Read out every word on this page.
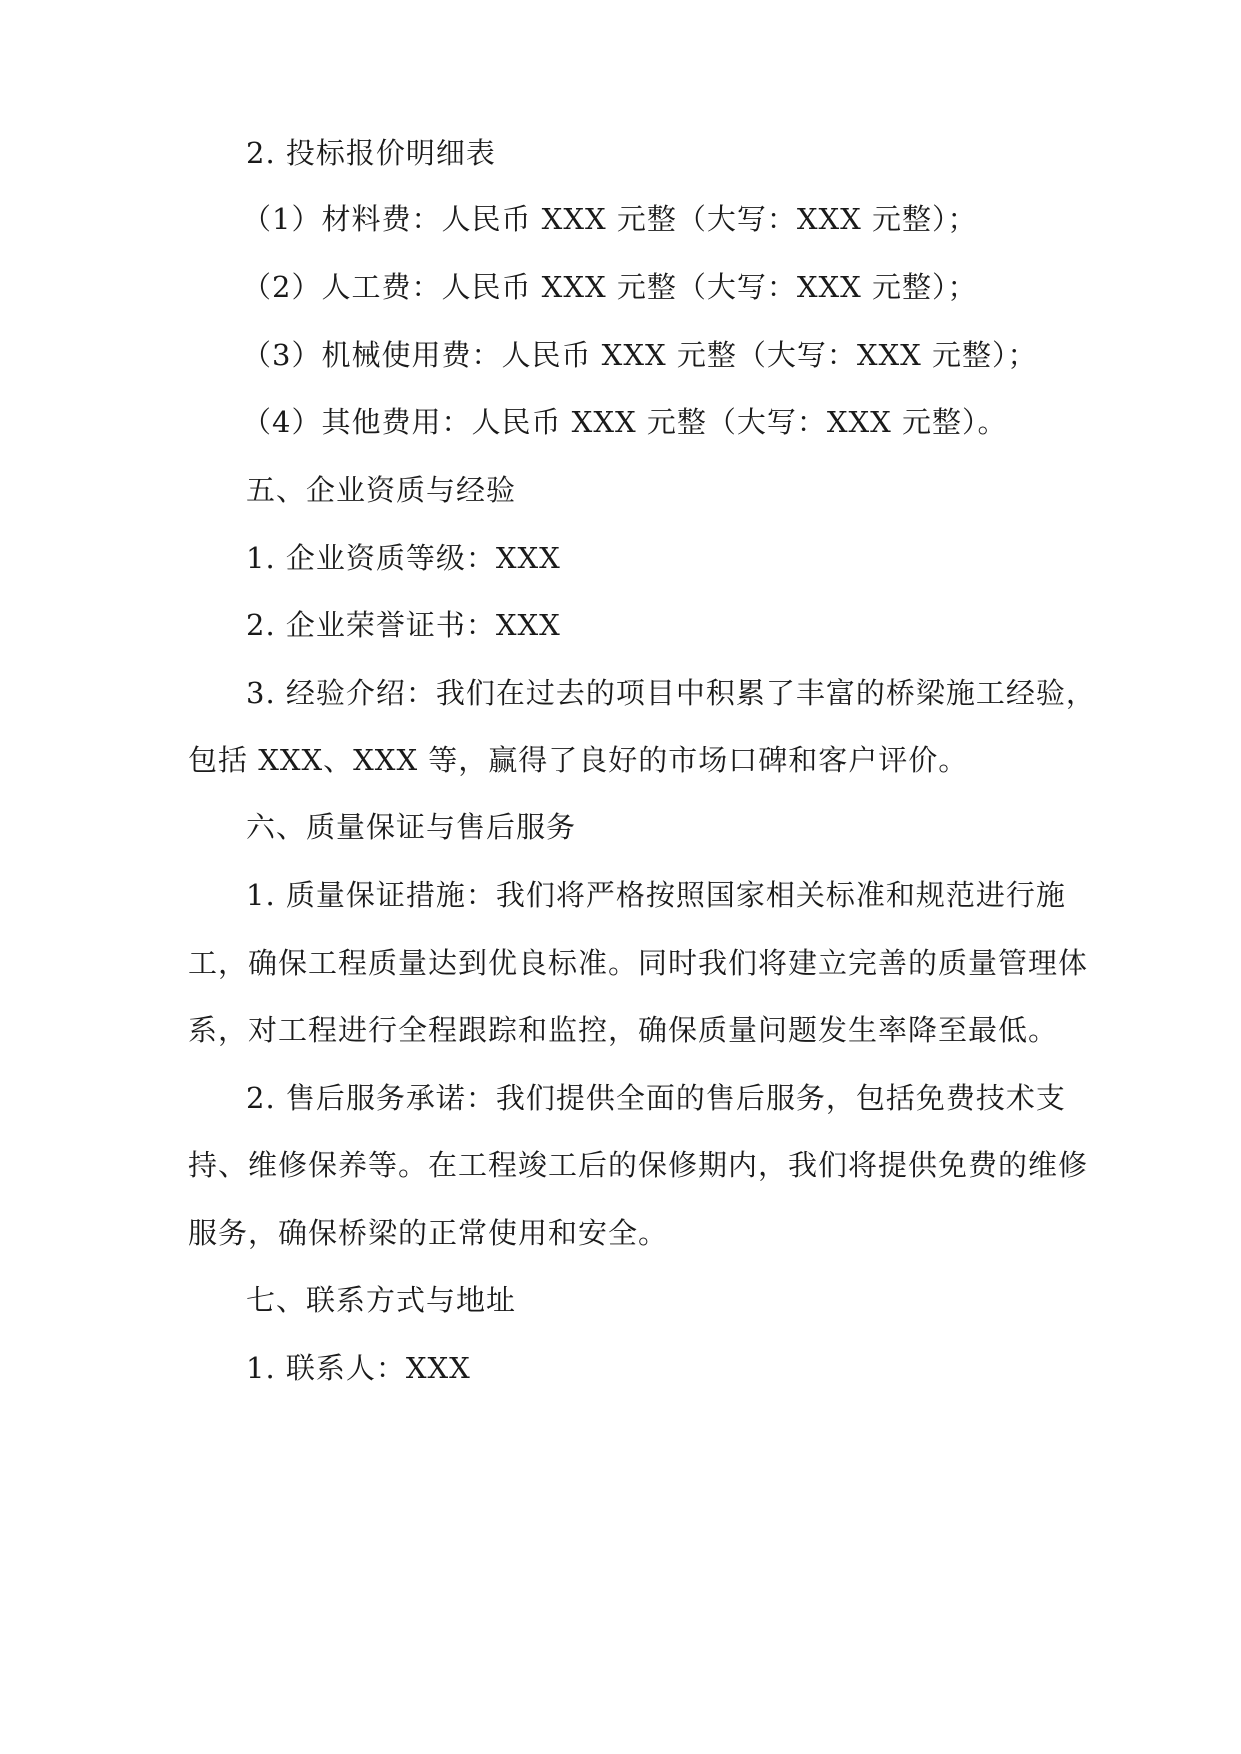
2. 投标报价明细表
（1）材料费：人民币 XXX 元整（大写：XXX 元整）；
（2）人工费：人民币 XXX 元整（大写：XXX 元整）；
（3）机械使用费：人民币 XXX 元整（大写：XXX 元整）；
（4）其他费用：人民币 XXX 元整（大写：XXX 元整）。
五、企业资质与经验
1. 企业资质等级：XXX
2. 企业荣誉证书：XXX
3. 经验介绍：我们在过去的项目中积累了丰富的桥梁施工经验，
包括 XXX、XXX 等，赢得了良好的市场口碑和客户评价。
六、质量保证与售后服务
1. 质量保证措施：我们将严格按照国家相关标准和规范进行施
工，确保工程质量达到优良标准。同时我们将建立完善的质量管理体
系，对工程进行全程跟踪和监控，确保质量问题发生率降至最低。
2. 售后服务承诺：我们提供全面的售后服务，包括免费技术支
持、维修保养等。在工程竣工后的保修期内，我们将提供免费的维修
服务，确保桥梁的正常使用和安全。
七、联系方式与地址
1. 联系人：XXX
